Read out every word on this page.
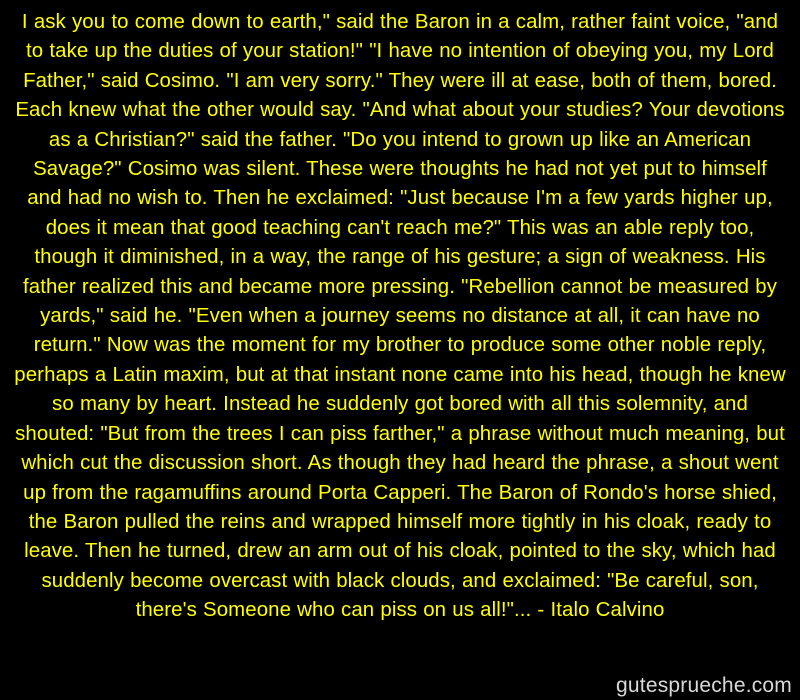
I ask you to come down to earth," said the Baron in a calm, rather faint voice, "and to take up the duties of your station!" "I have no intention of obeying you, my Lord Father," said Cosimo. "I am very sorry." They were ill at ease, both of them, bored. Each knew what the other would say. "And what about your studies? Your devotions as a Christian?" said the father. "Do you intend to grown up like an American Savage?" Cosimo was silent. These were thoughts he had not yet put to himself and had no wish to. Then he exclaimed: "Just because I'm a few yards higher up, does it mean that good teaching can't reach me?" This was an able reply too, though it diminished, in a way, the range of his gesture; a sign of weakness. His father realized this and became more pressing. "Rebellion cannot be measured by yards," said he. "Even when a journey seems no distance at all, it can have no return." Now was the moment for my brother to produce some other noble reply, perhaps a Latin maxim, but at that instant none came into his head, though he knew so many by heart. Instead he suddenly got bored with all this solemnity, and shouted: "But from the trees I can piss farther," a phrase without much meaning, but which cut the discussion short. As though they had heard the phrase, a shout went up from the ragamuffins around Porta Capperi. The Baron of Rondo's horse shied, the Baron pulled the reins and wrapped himself more tightly in his cloak, ready to leave. Then he turned, drew an arm out of his cloak, pointed to the sky, which had suddenly become overcast with black clouds, and exclaimed: "Be careful, son, there's Someone who can piss on us all!"... - Italo Calvino

gutesprueche.com
